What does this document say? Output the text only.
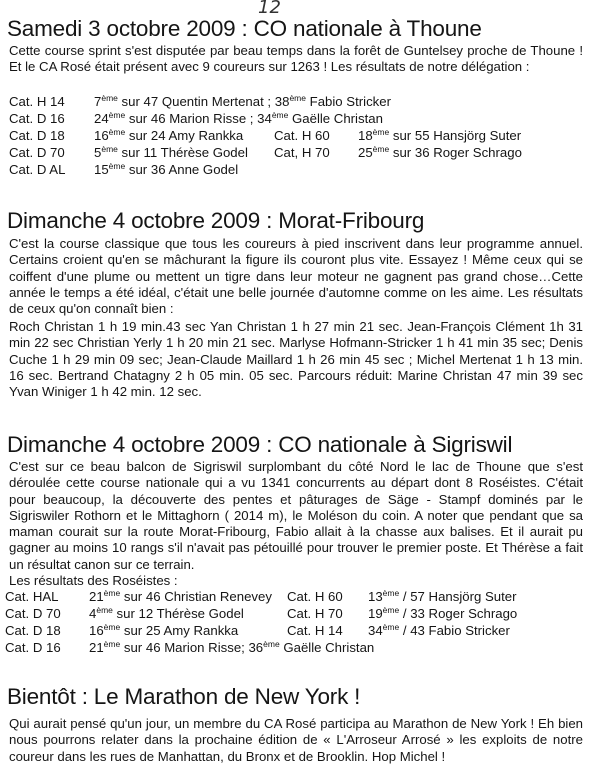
12
Samedi 3 octobre 2009 : CO nationale à Thoune
Cette course sprint s'est disputée par beau temps dans la forêt de Guntelsey proche de Thoune ! Et le CA Rosé était présent avec 9 coureurs sur 1263 ! Les résultats de notre délégation :
Cat. H 14 7ème sur 47 Quentin Mertenat ; 38ème Fabio Stricker
Cat. D 16 24ème sur 46 Marion Risse ; 34ème Gaëlle Christan
Cat. D 18 16ème sur 24 Amy Rankka Cat. H 60 18ème sur 55 Hansjörg Suter
Cat. D 70 5ème sur 11 Thérèse Godel Cat, H 70 25ème sur 36 Roger Schrago
Cat. D AL 15ème sur 36 Anne Godel
Dimanche 4 octobre 2009 : Morat-Fribourg
C'est la course classique que tous les coureurs à pied inscrivent dans leur programme annuel. Certains croient qu'en se mâchurant la figure ils couront plus vite. Essayez ! Même ceux qui se coiffent d'une plume ou mettent un tigre dans leur moteur ne gagnent pas grand chose…Cette année le temps a été idéal, c'était une belle journée d'automne comme on les aime. Les résultats de ceux qu'on connaît bien :
Roch Christan 1 h 19 min.43 sec Yan Christan 1 h 27 min 21 sec. Jean-François Clément 1h 31 min 22 sec Christian Yerly 1 h 20 min 21 sec. Marlyse Hofmann-Stricker 1 h 41 min 35 sec; Denis Cuche 1 h 29 min 09 sec; Jean-Claude Maillard 1 h 26 min 45 sec ; Michel Mertenat 1 h 13 min. 16 sec. Bertrand Chatagny 2 h 05 min. 05 sec. Parcours réduit: Marine Christan 47 min 39 sec Yvan Winiger 1 h 42 min. 12 sec.
Dimanche 4 octobre 2009 : CO nationale à Sigriswil
C'est sur ce beau balcon de Sigriswil surplombant du côté Nord le lac de Thoune que s'est déroulée cette course nationale qui a vu 1341 concurrents au départ dont 8 Roséistes. C'était pour beaucoup, la découverte des pentes et pâturages de Säge - Stampf dominés par le Sigriswiler Rothorn et le Mittaghorn ( 2014 m), le Moléson du coin. A noter que pendant que sa maman courait sur la route Morat-Fribourg, Fabio allait à la chasse aux balises. Et il aurait pu gagner au moins 10 rangs s'il n'avait pas pétouillé pour trouver le premier poste. Et Thérèse a fait un résultat canon sur ce terrain.
Les résultats des Roséistes :
Cat. HAL 21ème sur 46 Christian Renevey Cat. H 60 13ème / 57 Hansjörg Suter
Cat. D 70 4ème sur 12 Thérèse Godel	Cat. H 70 19ème / 33 Roger Schrago
Cat. D 18 16ème sur 25 Amy Rankka	Cat. H 14 34ème / 43 Fabio Stricker
Cat. D 16 21ème sur 46 Marion Risse; 36ème Gaëlle Christan
Bientôt : Le Marathon de New York !
Qui aurait pensé qu'un jour, un membre du CA Rosé participa au Marathon de New York ! Eh bien nous pourrons relater dans la prochaine édition de « L'Arroseur Arrosé » les exploits de notre coureur dans les rues de Manhattan, du Bronx et de Brooklin. Hop Michel !
